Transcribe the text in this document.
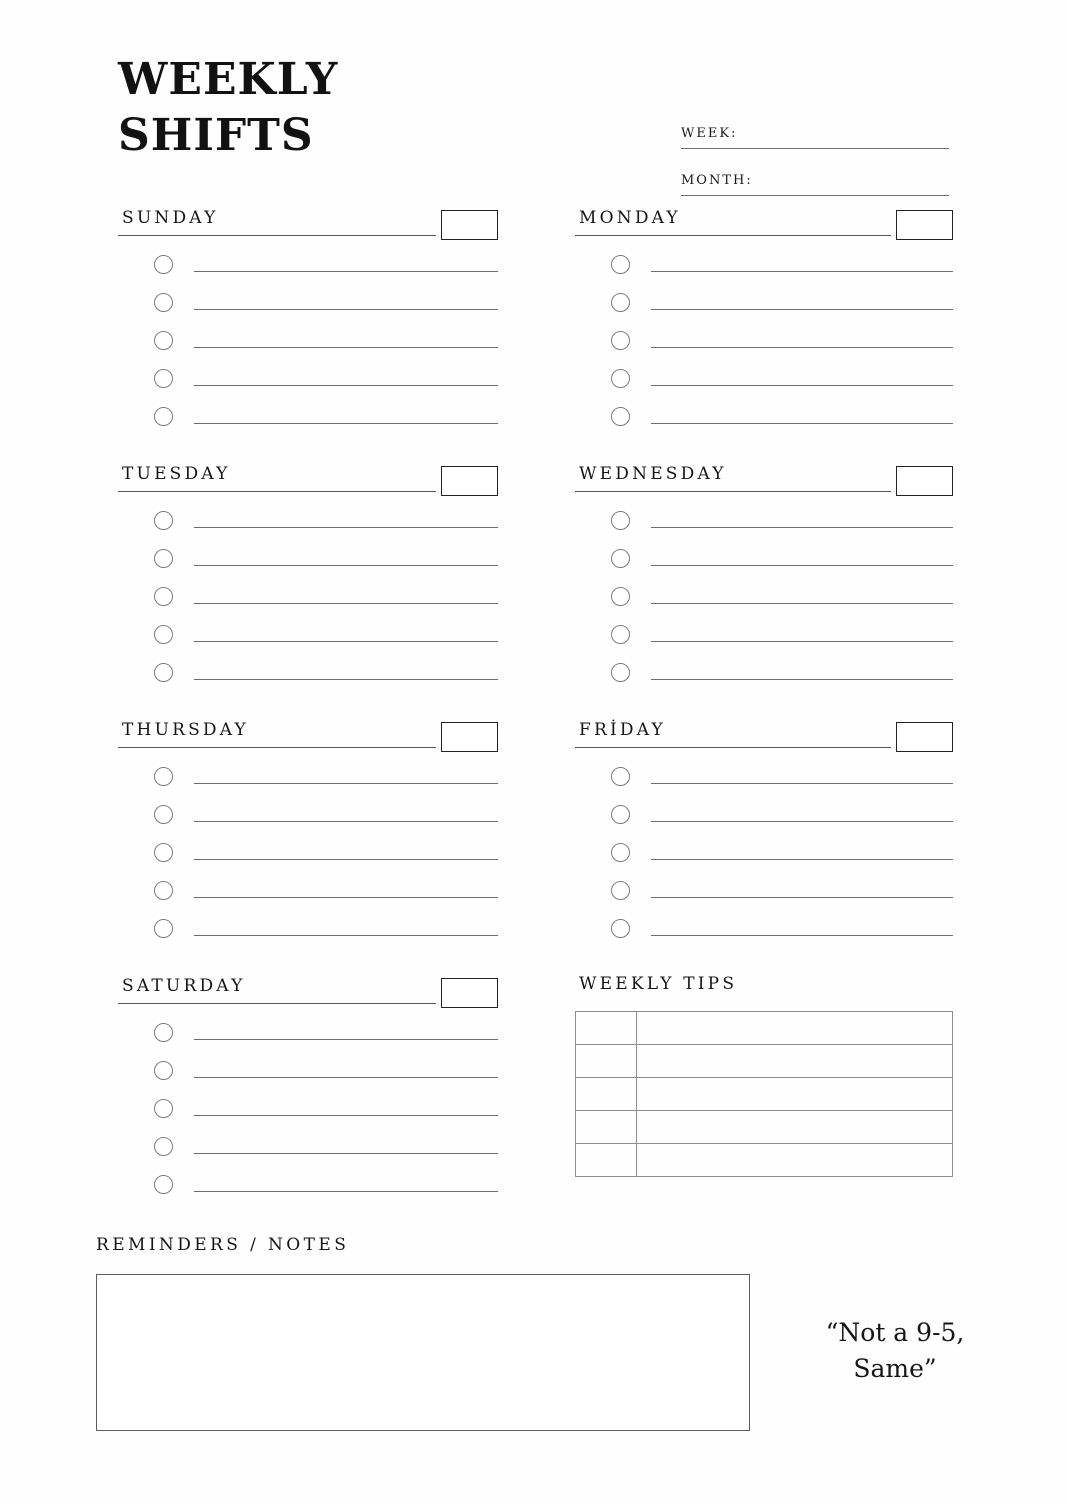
WEEKLY
SHIFTS	WEEK:
MONTH:
SUNDAY	MONDAY
TUESDAY	WEDNESDAY
THURSDAY	FRİDAY
SATURDAY	WEEKLY TIPS

REMINDERS / NOTES
“Not a 9-5,
Same”
